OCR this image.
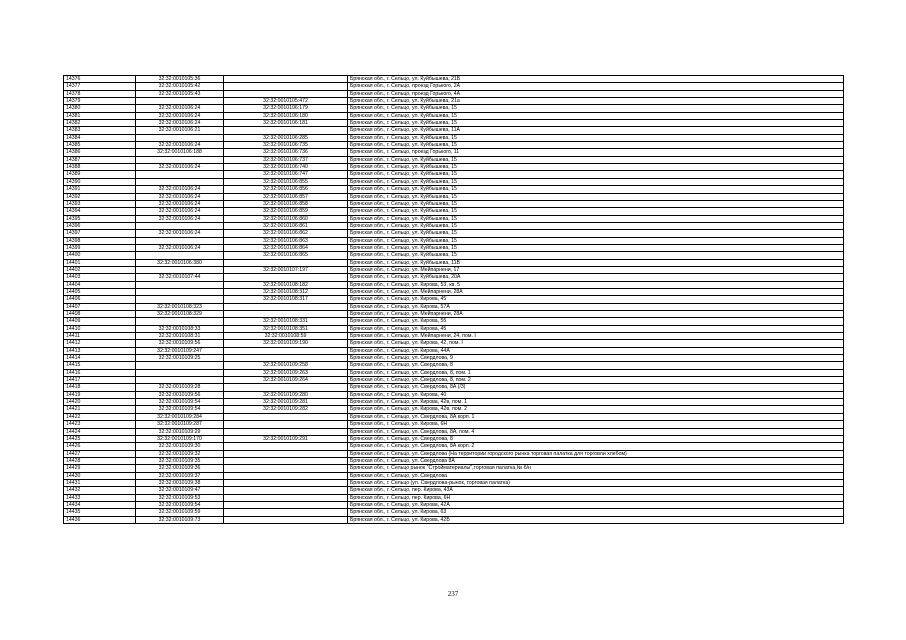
14376	32:32:0010105:36		Брянская обл., г. Сельцо, ул. Куйбышева, 21Б
14377	32:32:0010105:42		Брянская обл., г. Сельцо, проезд Горького, 2А
14378	32:32:0010105:43		Брянская обл., г. Сельцо, проезд Горького, 4А
14379		32:32:0010105:472	Брянская обл., г. Сельцо, ул. Куйбышева, 21а
14380	32:32:0010106:24	32:32:0010106:179	Брянская обл., г. Сельцо, ул. Куйбышева, 15
14381	32:32:0010106:24	32:32:0010106:180	Брянская обл., г. Сельцо, ул. Куйбышева, 15
14382	32:32:0010106:24	32:32:0010106:181	Брянская обл., г. Сельцо, ул. Куйбышева, 15
14383	32:32:0010106:21		Брянская обл., г. Сельцо, ул. Куйбышева, 11А
14384		32:32:0010106:285	Брянская обл., г. Сельцо, ул. Куйбышева, 15
14385	32:32:0010106:24	32:32:0010106:735	Брянская обл., г. Сельцо, ул. Куйбышева, 15
14386	32:32:0010106:188	32:32:0010106:736	Брянская обл., г. Сельцо, проезд Горького, 11
14387		32:32:0010106:737	Брянская обл., г. Сельцо, ул. Куйбышева, 15
14388	32:32:0010106:24	32:32:0010106:740	Брянская обл., г. Сельцо, ул. Куйбышева, 15
14389		32:32:0010106:747	Брянская обл., г. Сельцо, ул. Куйбышева, 15
14390		32:32:0010106:855	Брянская обл., г. Сельцо, ул. Куйбышева, 15
14391	32:32:0010106:24	32:32:0010106:856	Брянская обл., г. Сельцо, ул. Куйбышева, 15
14392	32:32:0010106:24	32:32:0010106:857	Брянская обл., г. Сельцо, ул. Куйбышева, 15
14393	32:32:0010106:24	32:32:0010106:858	Брянская обл., г. Сельцо, ул. Куйбышева, 15
14394	32:32:0010106:24	32:32:0010106:859	Брянская обл., г. Сельцо, ул. Куйбышева, 15
14395	32:32:0010106:24	32:32:0010106:860	Брянская обл., г. Сельцо, ул. Куйбышева, 15
14396		32:32:0010106:861	Брянская обл., г. Сельцо, ул. Куйбышева, 15
14397	32:32:0010106:24	32:32:0010106:862	Брянская обл., г. Сельцо, ул. Куйбышева, 15
14398		32:32:0010106:863	Брянская обл., г. Сельцо, ул. Куйбышева, 15
14399	32:32:0010106:24	32:32:0010106:864	Брянская обл., г. Сельцо, ул. Куйбышева, 15
14400		32:32:0010106:865	Брянская обл., г. Сельцо, ул. Куйбышева, 15
14401	32:32:0010106:380		Брянская обл., г. Сельцо, ул. Куйбышева, 11В
14402		32:32:0010107:197	Брянская обл., г. Сельцо, ул. Мейпарнени, 17
14403	32:32:0010107:44		Брянская обл., г. Сельцо, ул. Куйбышева, 20А
14404		32:32:0010108:182	Брянская обл., г. Сельцо, ул. Кирова, 53, кв. 5
14405		32:32:0010108:312	Брянская обл., г. Сельцо, ул. Мейпарнени, 28А
14406		32:32:0010108:317	Брянская обл., г. Сельцо, ул. Кирова, 45
14407	32:32:0010108:323		Брянская обл., г. Сельцо, ул. Кирова, 57А
14408	32:32:0010108:329		Брянская обл., г. Сельцо, ул. Мейпарнени, 28А
14409		32:32:0010108:331	Брянская обл., г. Сельцо, ул. Кирова, 55
14410	32:32:0010108:33	32:32:0010108:351	Брянская обл., г. Сельцо, ул. Кирова, 45
14411	32:32:0010108:31	32:32:0010108:59	Брянская обл., г. Сельцо, ул. Мейпарнени, 24, пом. I
14412	32:32:0010109:56	32:32:0010109:190	Брянская обл., г. Сельцо, ул. Кирова, 42, пом. I
14413	32:32:0010109:247		Брянская обл., г. Сельцо, ул. Кирова, 44А
14414	32:32:0010109:25		Брянская обл., г. Сельцо, ул. Свердлова, 9
14415		32:32:0010109:258	Брянская обл., г. Сельцо, ул. Свердлова, 8
14416		32:32:0010109:263	Брянская обл., г. Сельцо, ул. Свердлова, 8, пом. 1
14417		32:32:0010109:264	Брянская обл., г. Сельцо, ул. Свердлова, 8, пом. 2
14418	32:32:0010109:28		Брянская обл., г. Сельцо, ул. Свердлова, 8А (/3)
14419	32:32:0010109:56	32:32:0010109:280	Брянская обл., г. Сельцо, ул. Кирова, 40
14420	32:32:0010109:54	32:32:0010109:281	Брянская обл., г. Сельцо, ул. Кирова, 42в, пом. 1
14421	32:32:0010109:54	32:32:0010109:282	Брянская обл., г. Сельцо, ул. Кирова, 42в, пом. 2
14422	32:32:0010109:284		Брянская обл., г. Сельцо, ул. Свердлова, 8А корп. 1
14423	32:32:0010109:287		Брянская обл., г. Сельцо, ул. Кирова, 6Н
14424	32:32:0010109:29		Брянская обл., г. Сельцо, ул. Свердлова, 8А, пом. 4
14425	32:32:0010109:170	32:32:0010109:291	Брянская обл., г. Сельцо, ул. Свердлова, 8
14426	32:32:0010109:30		Брянская обл., г. Сельцо, ул. Свердлова, 8А корп. 2
14427	32:32:0010109:32		Брянская обл., г. Сельцо, ул. Свердлова (На территории городского рынка торговая палатка для торговли хлебом)
14428	32:32:0010109:35		Брянская обл., г. Сельцо, ул. Свердлова 8А
14429	32:32:0010109:36		Брянская обл., г. Сельцо рынок "Стройматериалы",торговая палатка,№ б/н
14430	32:32:0010109:37		Брянская обл., г. Сельцо, ул. Свердлова
14431	32:32:0010109:38		Брянская обл., г. Сельцо (ул. Свердлова-рынок, торговая палатка)
14432	32:32:0010109:47		Брянская обл., г. Сельцо, пер. Кирова, 43А
14433	32:32:0010109:53		Брянская обл., г. Сельцо, пер. Кирова, 6Н
14434	32:32:0010109:54		Брянская обл., г. Сельцо, ул. Кирова, 42А
14435	32:32:0010109:59		Брянская обл., г. Сельцо, ул. Кирова, 63
14436	32:32:0010109:73		Брянская обл., г. Сельцо, ул. Кирова, 42Б
237
